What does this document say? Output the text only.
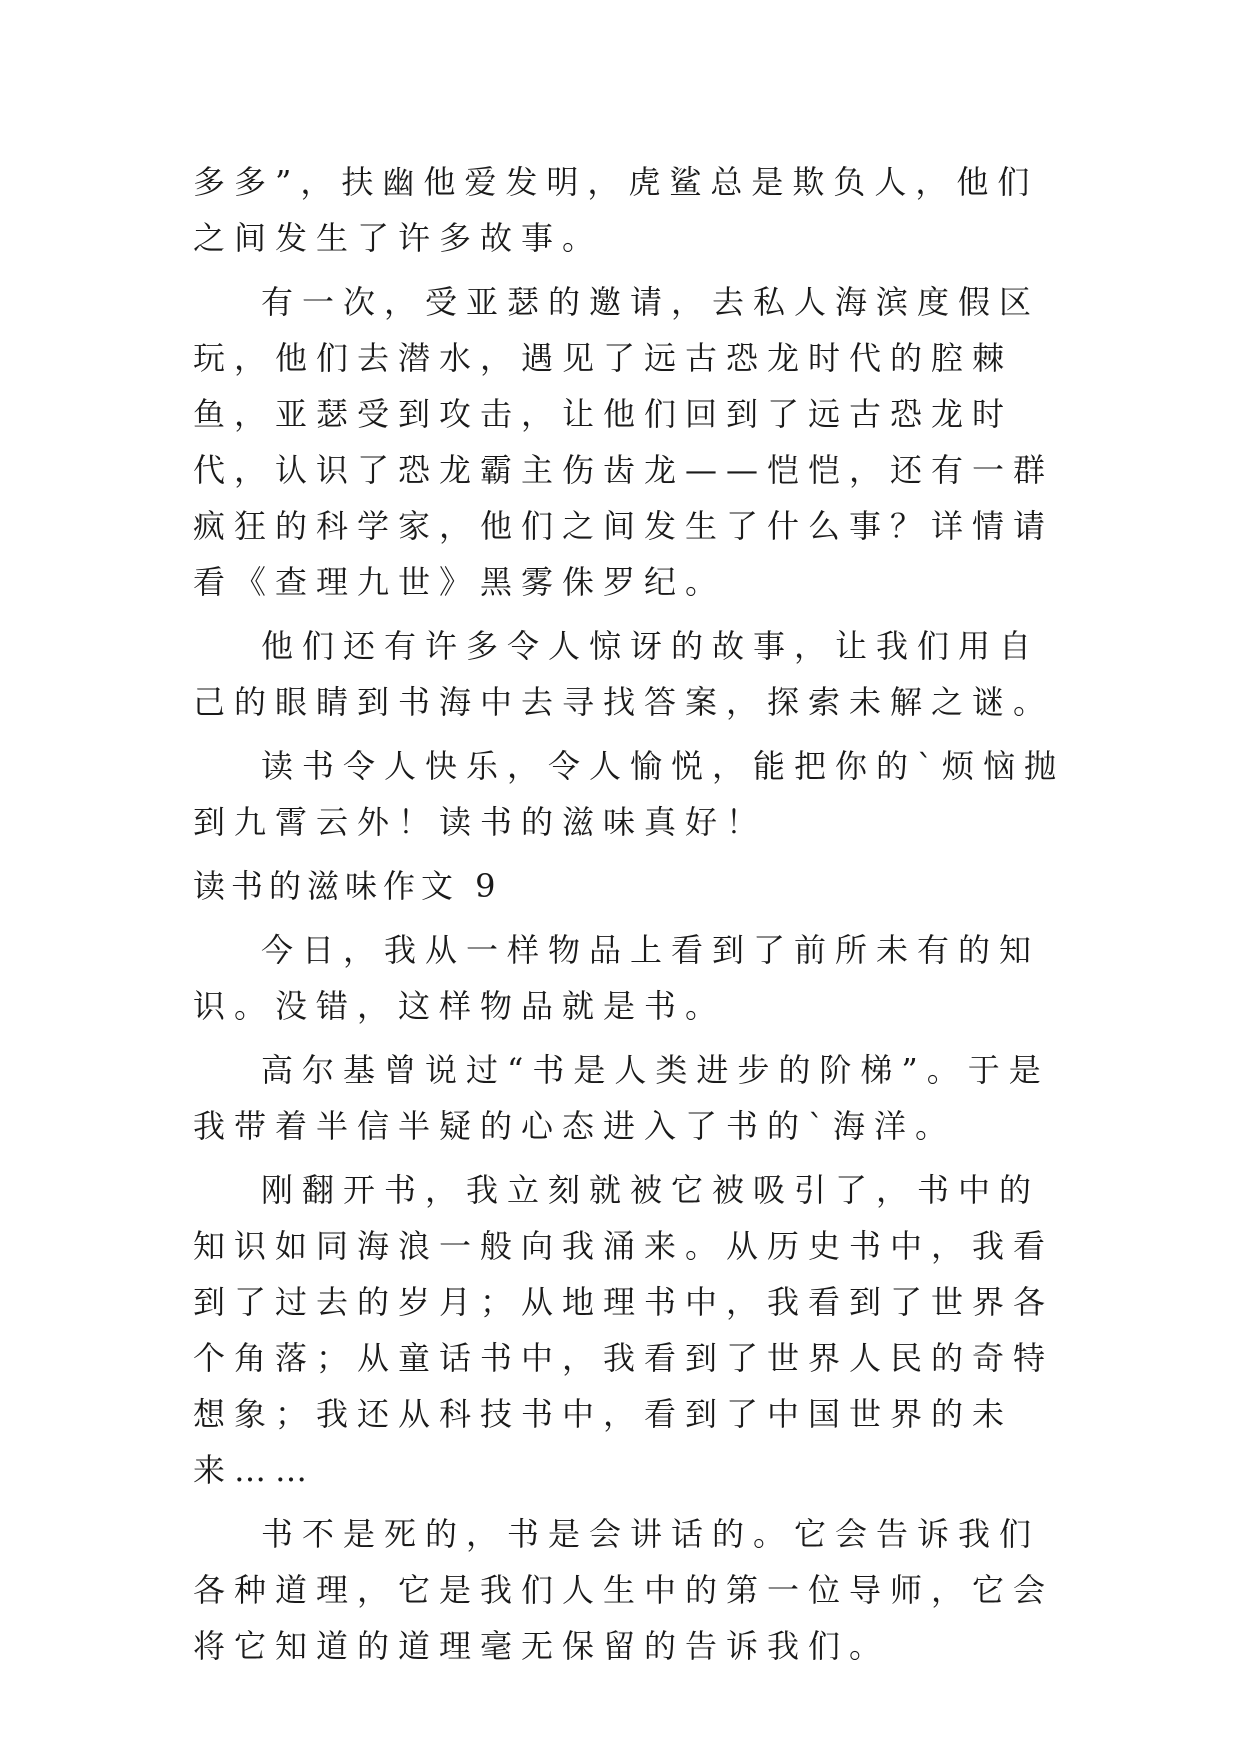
多多”，扶幽他爱发明，虎鲨总是欺负人，他们之间发生了许多故事。

有一次，受亚瑟的邀请，去私人海滨度假区玩，他们去潜水，遇见了远古恐龙时代的腔棘鱼，亚瑟受到攻击，让他们回到了远古恐龙时代，认识了恐龙霸主伤齿龙——恺恺，还有一群疯狂的科学家，他们之间发生了什么事？详情请看《查理九世》黑雾侏罗纪。

他们还有许多令人惊讶的故事，让我们用自己的眼睛到书海中去寻找答案，探索未解之谜。

读书令人快乐，令人愉悦，能把你的`烦恼抛到九霄云外！读书的滋味真好！

读书的滋味作文 9

今日，我从一样物品上看到了前所未有的知识。没错，这样物品就是书。

高尔基曾说过“书是人类进步的阶梯”。于是我带着半信半疑的心态进入了书的`海洋。

刚翻开书，我立刻就被它被吸引了，书中的知识如同海浪一般向我涌来。从历史书中，我看到了过去的岁月；从地理书中，我看到了世界各个角落；从童话书中，我看到了世界人民的奇特想象；我还从科技书中，看到了中国世界的未来……

书不是死的，书是会讲话的。它会告诉我们各种道理，它是我们人生中的第一位导师，它会将它知道的道理毫无保留的告诉我们。
